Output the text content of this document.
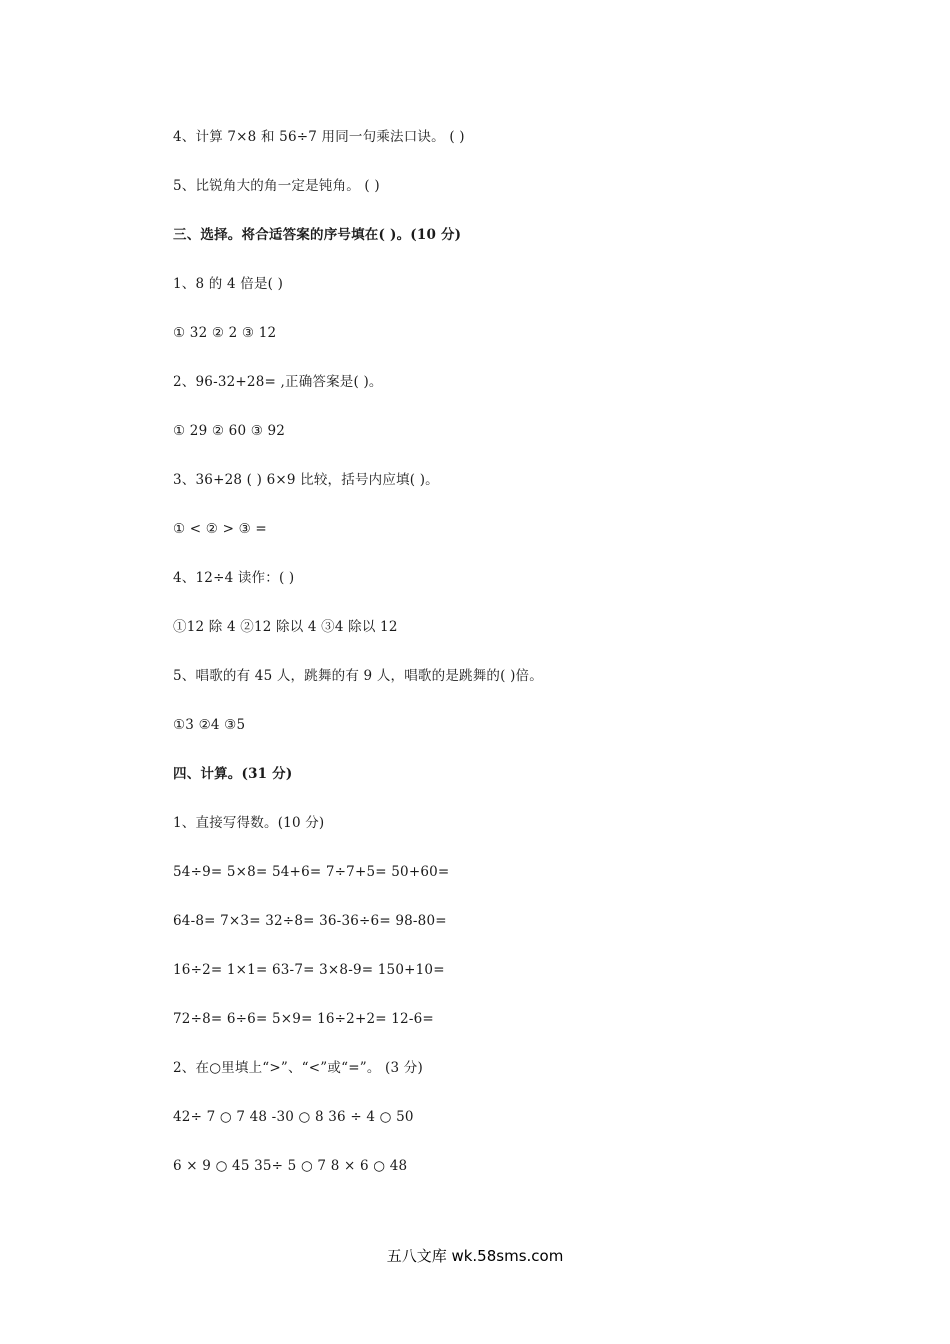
4、计算 7×8 和 56÷7 用同一句乘法口诀。 ( )
5、比锐角大的角一定是钝角。 ( )
三、选择。将合适答案的序号填在( )。(10 分)
1、8 的 4 倍是( )
① 32 ② 2 ③ 12
2、96-32+28= ,正确答案是( )。
① 29 ② 60 ③ 92
3、36+28 ( ) 6×9 比较，括号内应填( )。
① < ② > ③ =
4、12÷4 读作：( )
①12 除 4 ②12 除以 4 ③4 除以 12
5、唱歌的有 45 人，跳舞的有 9 人，唱歌的是跳舞的( )倍。
①3 ②4 ③5
四、计算。(31 分)
1、直接写得数。(10 分)
54÷9= 5×8= 54+6= 7÷7+5= 50+60=
64-8= 7×3= 32÷8= 36-36÷6= 98-80=
16÷2= 1×1= 63-7= 3×8-9= 150+10=
72÷8= 6÷6= 5×9= 16÷2+2= 12-6=
2、在○里填上“>”、“<”或“=”。 (3 分)
42÷ 7 ○ 7 48 -30 ○ 8 36 ÷ 4 ○ 50
6 × 9 ○ 45 35÷ 5 ○ 7 8 × 6 ○ 48
五八文库 wk.58sms.com
